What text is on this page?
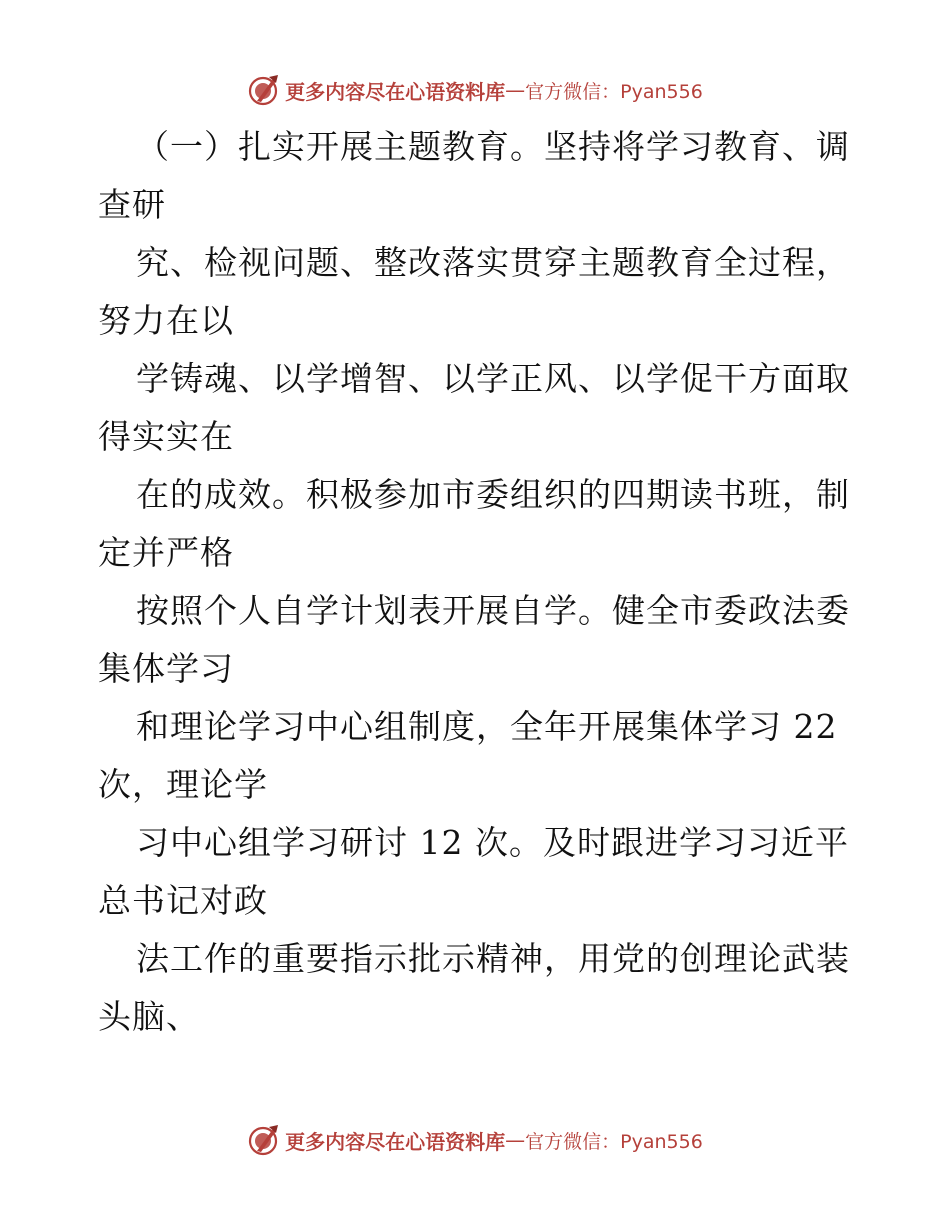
更多内容尽在心语资料库 — 官方微信：Pyan556
（一）扎实开展主题教育。坚持将学习教育、调
查研
究、检视问题、整改落实贯穿主题教育全过程，
努力在以
学铸魂、以学增智、以学正风、以学促干方面取
得实实在
在的成效。积极参加市委组织的四期读书班，制
定并严格
按照个人自学计划表开展自学。健全市委政法委
集体学习
和理论学习中心组制度，全年开展集体学习 22
次，理论学
习中心组学习研讨 12 次。及时跟进学习习近平
总书记对政
法工作的重要指示批示精神，用党的创理论武装
头脑、
更多内容尽在心语资料库 — 官方微信：Pyan556
